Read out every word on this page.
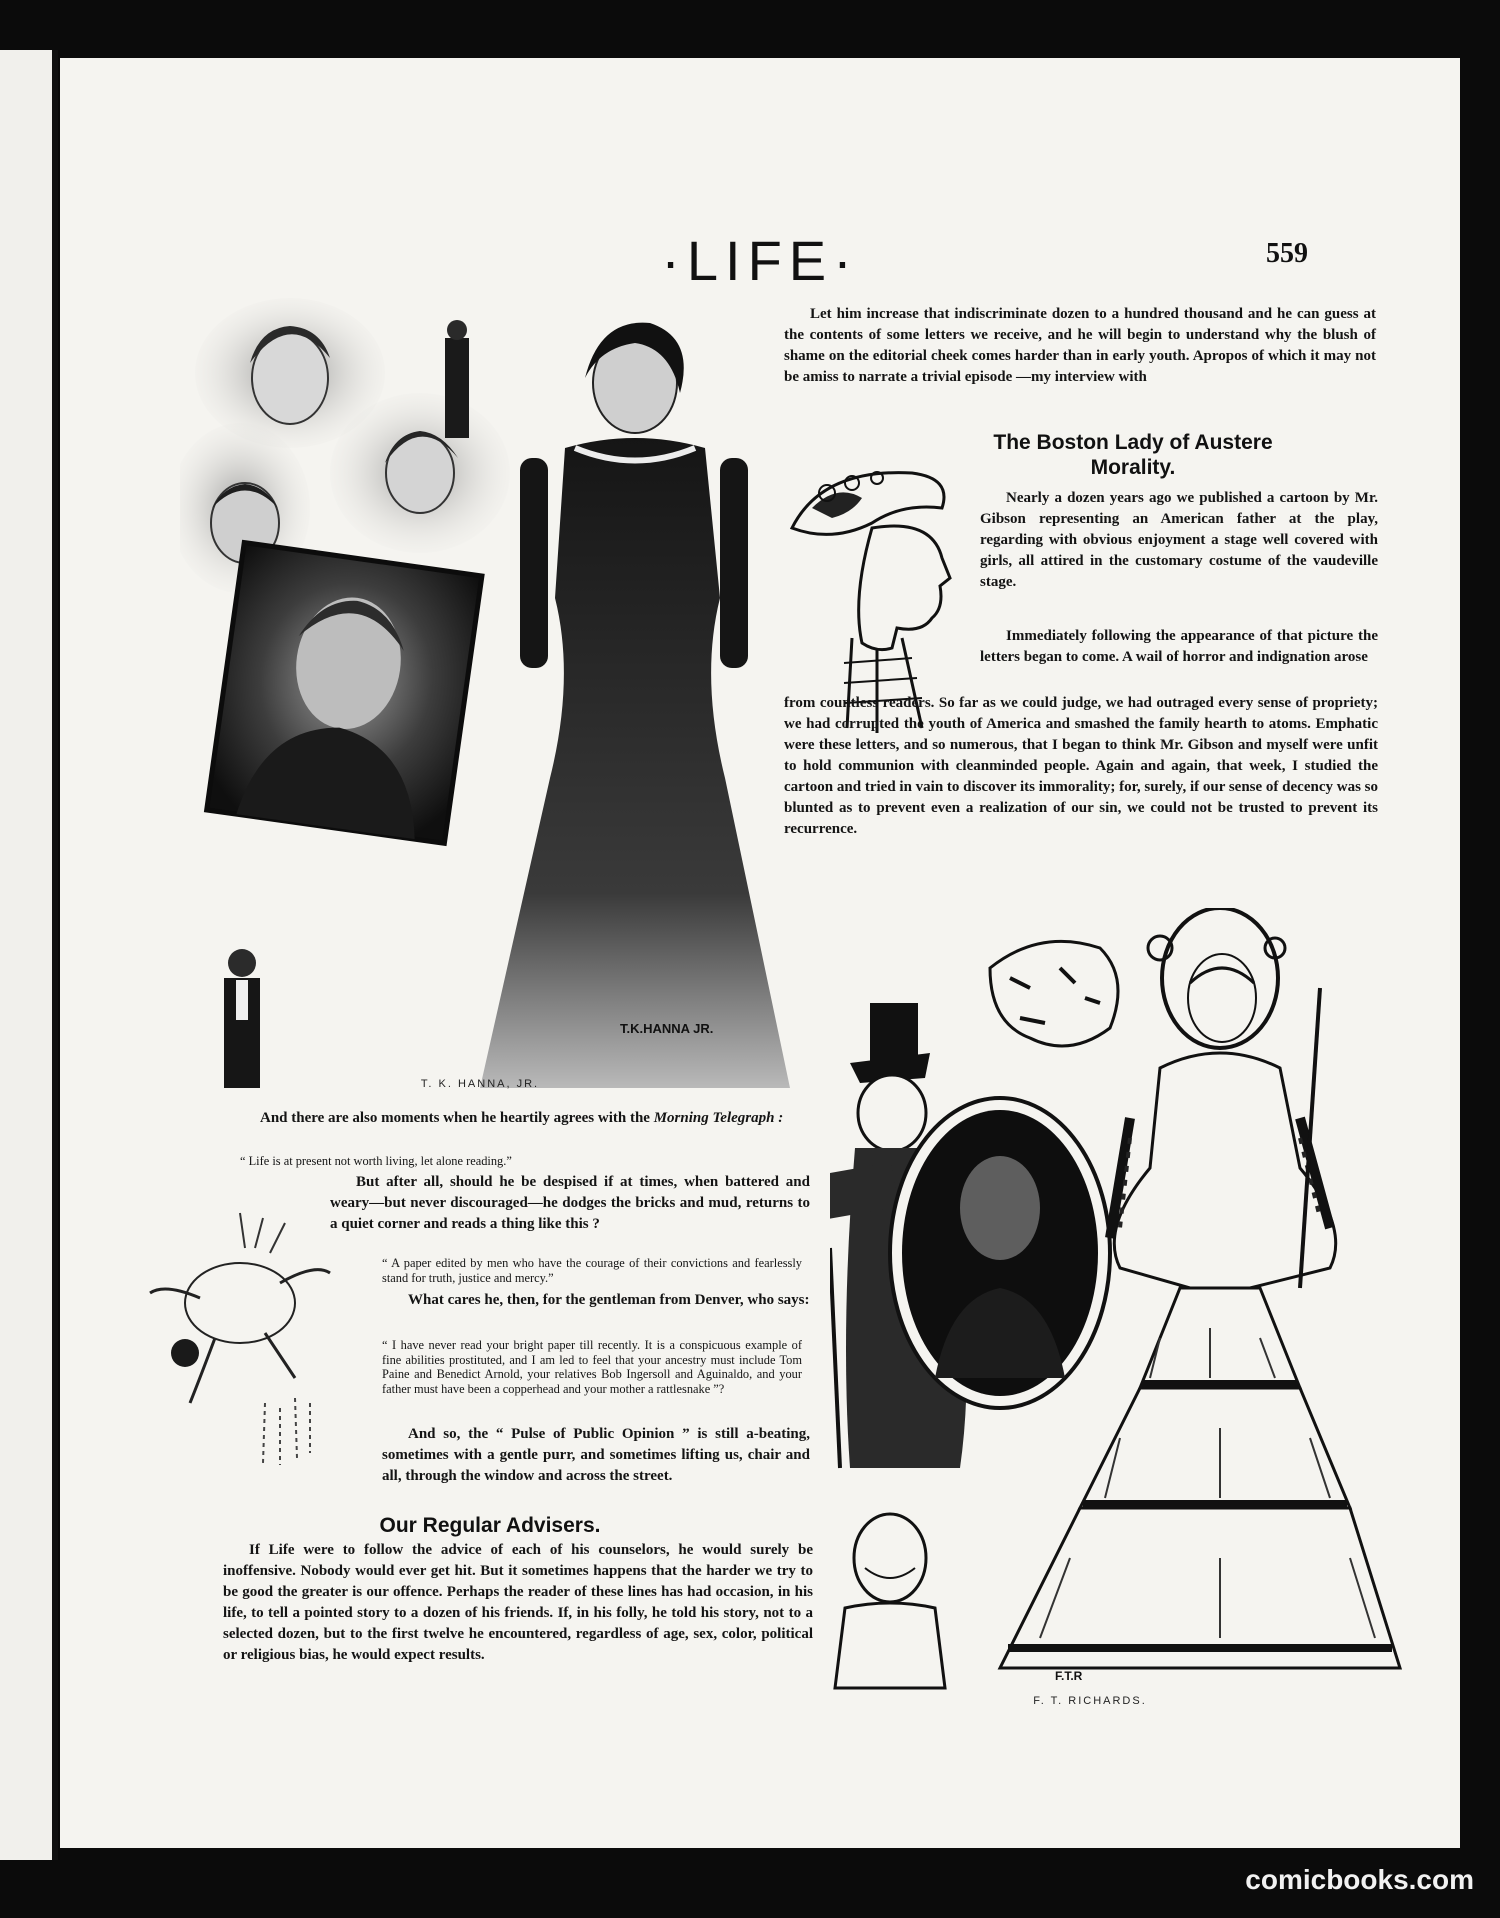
·LIFE·	559
T.K.HANNA JR.
T. K. HANNA, JR.

Let him increase that indiscriminate dozen to a hundred thousand and he can guess at the contents of some letters we receive, and he will begin to understand why the blush of shame on the editorial cheek comes harder than in early youth. Apropos of which it may not be amiss to narrate a trivial episode —my interview with

The Boston Lady of Austere Morality.

Nearly a dozen years ago we published a cartoon by Mr. Gibson representing an American father at the play, regarding with obvious enjoyment a stage well covered with girls, all attired in the customary costume of the vaudeville stage.

Immediately following the appearance of that picture the letters began to come. A wail of horror and indignation arose

from countless readers. So far as we could judge, we had outraged every sense of propriety; we had corrupted the youth of America and smashed the family hearth to atoms. Emphatic were these letters, and so numerous, that I began to think Mr. Gibson and myself were unfit to hold communion with cleanminded people. Again and again, that week, I studied the cartoon and tried in vain to discover its immorality; for, surely, if our sense of decency was so blunted as to prevent even a realization of our sin, we could not be trusted to prevent its recurrence.

And there are also moments when he heartily agrees with the Morning Telegraph :

“ Life is at present not worth living, let alone reading.”

But after all, should he be despised if at times, when battered and weary—but never discouraged—he dodges the bricks and mud, returns to a quiet corner and reads a thing like this ?

“ A paper edited by men who have the courage of their convictions and fearlessly stand for truth, justice and mercy.”

What cares he, then, for the gentleman from Denver, who says:

“ I have never read your bright paper till recently. It is a conspicuous example of fine abilities prostituted, and I am led to feel that your ancestry must include Tom Paine and Benedict Arnold, your relatives Bob Ingersoll and Aguinaldo, and your father must have been a copperhead and your mother a rattlesnake ”?

And so, the “ Pulse of Public Opinion ” is still a-beating, sometimes with a gentle purr, and sometimes lifting us, chair and all, through the window and across the street.

Our Regular Advisers.

If Life were to follow the advice of each of his counselors, he would surely be inoffensive. Nobody would ever get hit. But it sometimes happens that the harder we try to be good the greater is our offence. Perhaps the reader of these lines has had occasion, in his life, to tell a pointed story to a dozen of his friends. If, in his folly, he told his story, not to a selected dozen, but to the first twelve he encountered, regardless of age, sex, color, political or religious bias, he would expect results.

F.T.R
F. T. RICHARDS.
comicbooks.com
